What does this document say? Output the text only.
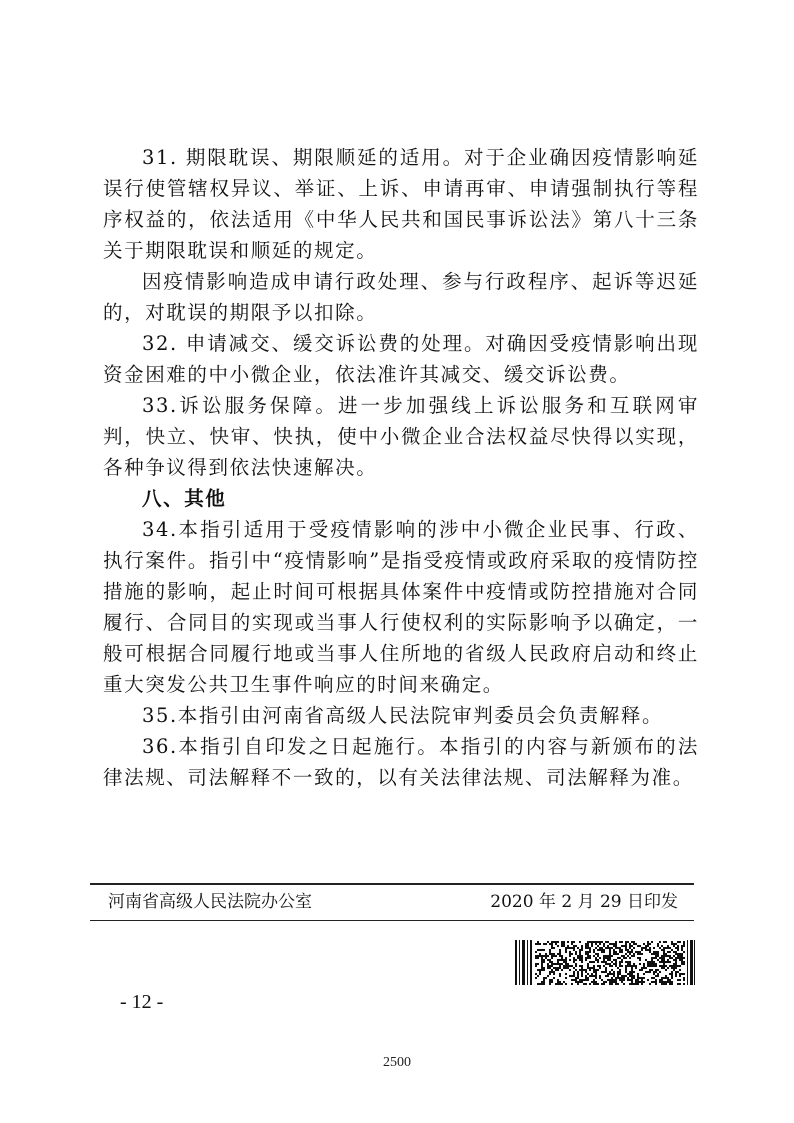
31. 期限耽误、期限顺延的适用。对于企业确因疫情影响延误行使管辖权异议、举证、上诉、申请再审、申请强制执行等程序权益的，依法适用《中华人民共和国民事诉讼法》第八十三条关于期限耽误和顺延的规定。

因疫情影响造成申请行政处理、参与行政程序、起诉等迟延的，对耽误的期限予以扣除。

32. 申请减交、缓交诉讼费的处理。对确因受疫情影响出现资金困难的中小微企业，依法准许其减交、缓交诉讼费。

33.诉讼服务保障。进一步加强线上诉讼服务和互联网审判，快立、快审、快执，使中小微企业合法权益尽快得以实现，各种争议得到依法快速解决。

八、其他

34.本指引适用于受疫情影响的涉中小微企业民事、行政、执行案件。指引中“疫情影响”是指受疫情或政府采取的疫情防控措施的影响，起止时间可根据具体案件中疫情或防控措施对合同履行、合同目的实现或当事人行使权利的实际影响予以确定，一般可根据合同履行地或当事人住所地的省级人民政府启动和终止重大突发公共卫生事件响应的时间来确定。

35.本指引由河南省高级人民法院审判委员会负责解释。

36.本指引自印发之日起施行。本指引的内容与新颁布的法律法规、司法解释不一致的，以有关法律法规、司法解释为准。

河南省高级人民法院办公室	2020 年 2 月 29 日印发
- 12 -
2500
